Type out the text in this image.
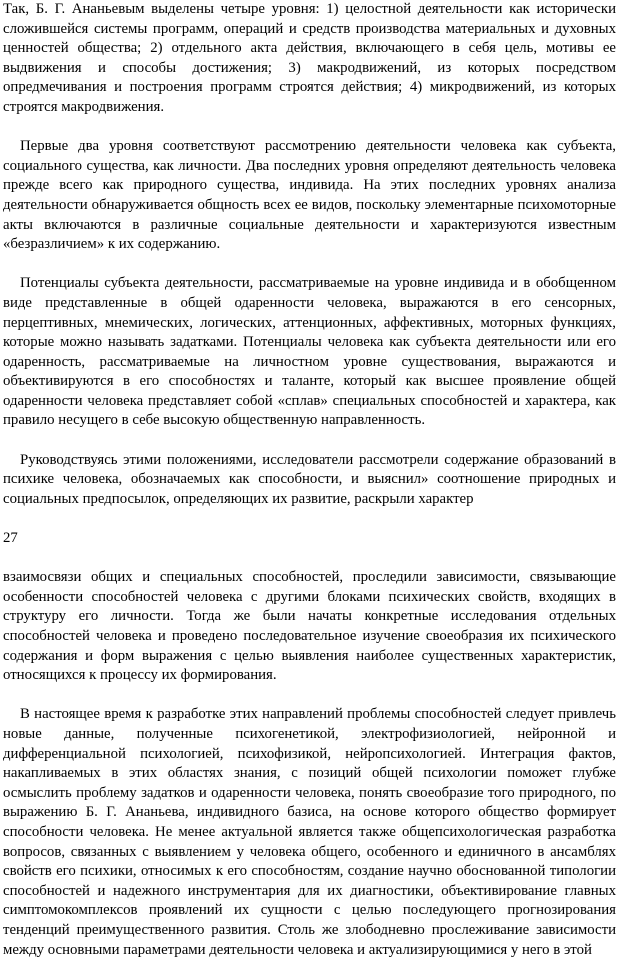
Так, Б. Г. Ананьевым выделены четыре уровня: 1) целостной деятельности как исторически сложившейся системы программ, операций и средств производства материальных и духовных ценностей общества; 2) отдельного акта действия, включающего в себя цель, мотивы ее выдвижения и способы достижения; 3) макродвижений, из которых посредством опредмечивания и построения программ строятся действия; 4) микродвижений, из которых строятся макродвижения.

Первые два уровня соответствуют рассмотрению деятельности человека как субъекта, социального существа, как личности. Два последних уровня определяют деятельность человека прежде всего как природного существа, индивида. На этих последних уровнях анализа деятельности обнаруживается общность всех ее видов, поскольку элементарные психомоторные акты включаются в различные социальные деятельности и характеризуются известным «безразличием» к их содержанию.

Потенциалы субъекта деятельности, рассматриваемые на уровне индивида и в обобщенном виде представленные в общей одаренности человека, выражаются в его сенсорных, перцептивных, мнемических, логических, аттенционных, аффективных, моторных функциях, которые можно называть задатками. Потенциалы человека как субъекта деятельности или его одаренность, рассматриваемые на личностном уровне существования, выражаются и объективируются в его способностях и таланте, который как высшее проявление общей одаренности человека представляет собой «сплав» специальных способностей и характера, как правило несущего в себе высокую общественную направленность.

Руководствуясь этими положениями, исследователи рассмотрели содержание образований в психике человека, обозначаемых как способности, и выяснил» соотношение природных и социальных предпосылок, определяющих их развитие, раскрыли характер

27

взаимосвязи общих и специальных способностей, проследили зависимости, связывающие особенности способностей человека с другими блоками психических свойств, входящих в структуру его личности. Тогда же были начаты конкретные исследования отдельных способностей человека и проведено последовательное изучение своеобразия их психического содержания и форм выражения с целью выявления наиболее существенных характеристик, относящихся к процессу их формирования.

В настоящее время к разработке этих направлений проблемы способностей следует привлечь новые данные, полученные психогенетикой, электрофизиологией, нейронной и дифференциальной психологией, психофизикой, нейропсихологией. Интеграция фактов, накапливаемых в этих областях знания, с позиций общей психологии поможет глубже осмыслить проблему задатков и одаренности человека, понять своеобразие того природного, по выражению Б. Г. Ананьева, индивидного базиса, на основе которого общество формирует способности человека. Не менее актуальной является также общепсихологическая разработка вопросов, связанных с выявлением у человека общего, особенного и единичного в ансамблях свойств его психики, относимых к его способностям, создание научно обоснованной типологии способностей и надежного инструментария для их диагностики, объективирование главных симптомокомплексов проявлений их сущности с целью последующего прогнозирования тенденций преимущественного развития. Столь же злободневно прослеживание зависимости между основными параметрами деятельности человека и актуализирующимися у него в этой
